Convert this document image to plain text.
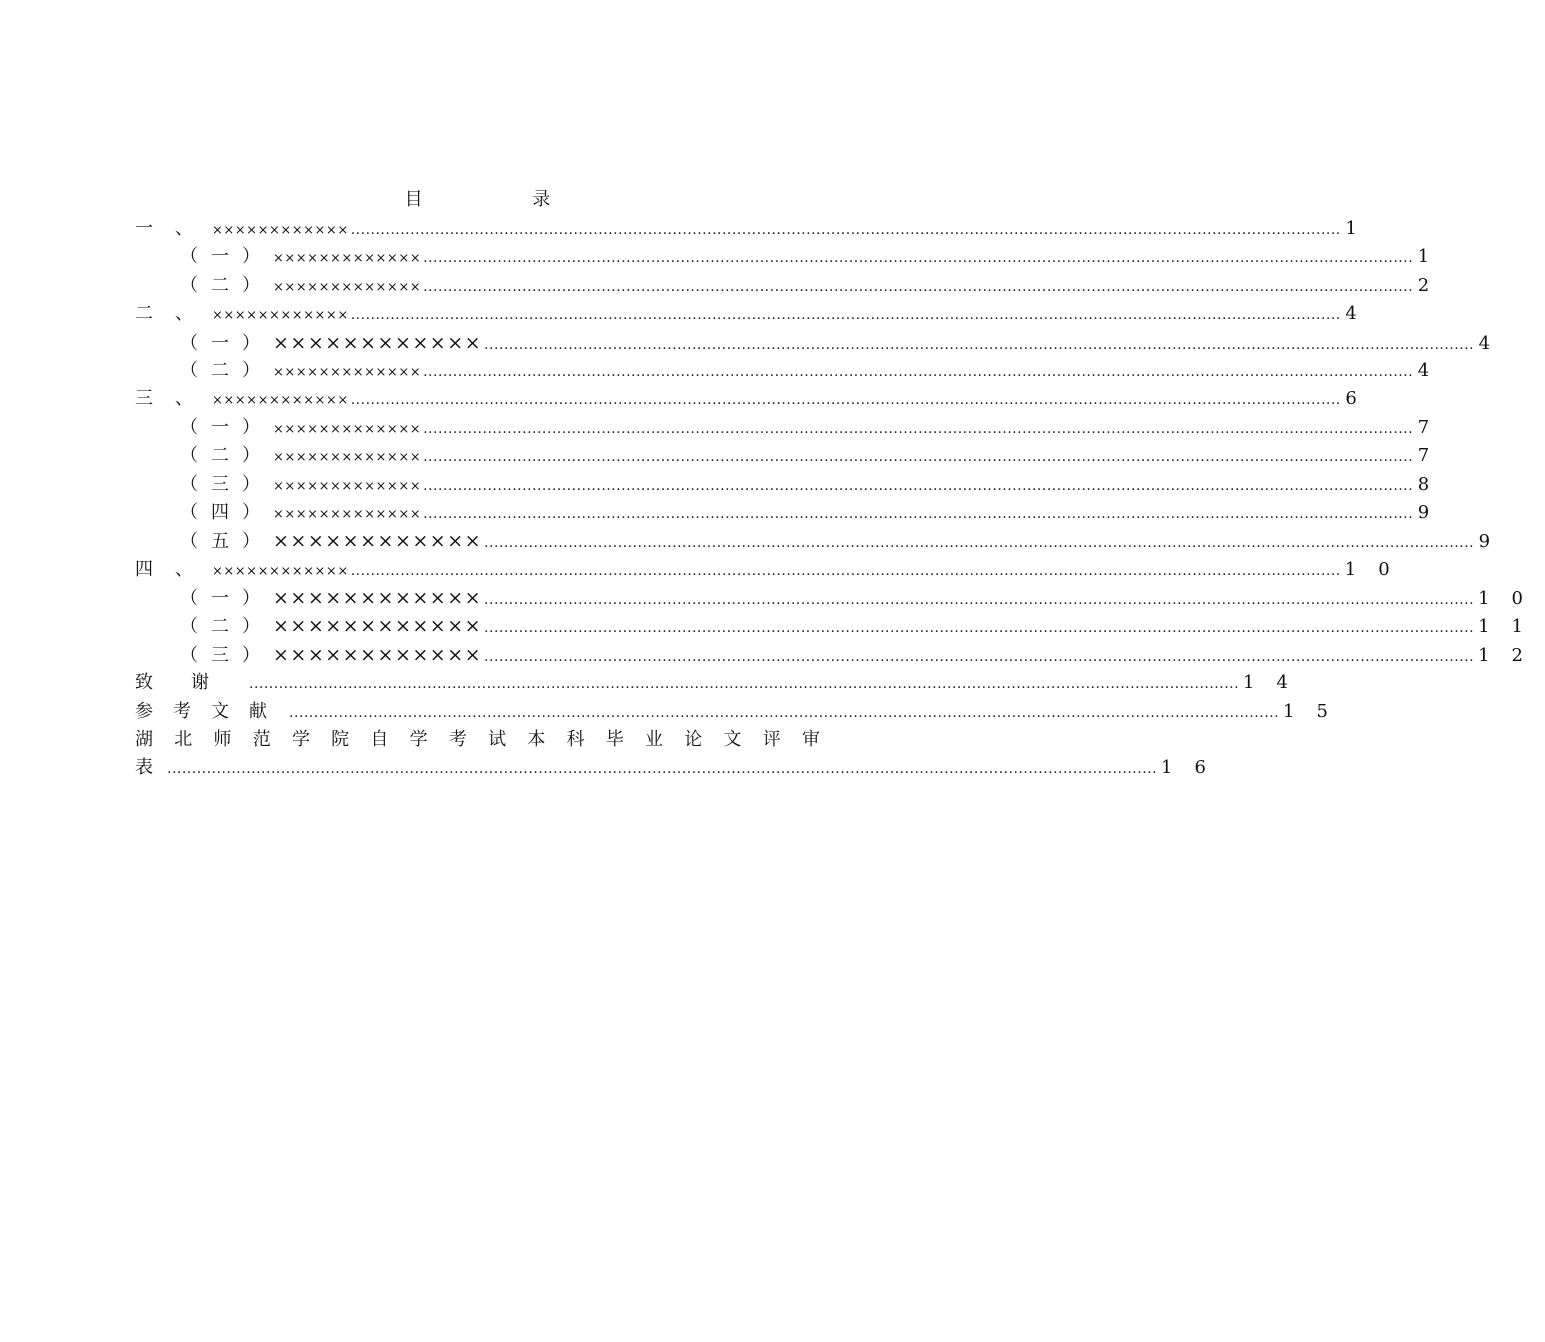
目 录
一、
×××××××××××× ........................................................................................................................................................................................................ 1
（一） ××××××××××××× ........................................................................................................................................................................................................ 1
（二） ××××××××××××× ........................................................................................................................................................................................................ 2
二、
×××××××××××× ........................................................................................................................................................................................................ 4
（一） ×××××××××××× ........................................................................................................................................................................................................ 4
（二） ××××××××××××× ........................................................................................................................................................................................................ 4
三、
×××××××××××× ........................................................................................................................................................................................................ 6
（一） ××××××××××××× ........................................................................................................................................................................................................ 7
（二） ××××××××××××× ........................................................................................................................................................................................................ 7
（三） ××××××××××××× ........................................................................................................................................................................................................ 8
（四） ××××××××××××× ........................................................................................................................................................................................................ 9
（五） ×××××××××××× ........................................................................................................................................................................................................ 9
四、
×××××××××××× ........................................................................................................................................................................................................ 10
（一） ×××××××××××× ........................................................................................................................................................................................................ 10
（二） ×××××××××××× ........................................................................................................................................................................................................ 11
（三） ×××××××××××× ........................................................................................................................................................................................................ 12
致谢 ........................................................................................................................................................................................................ 14
参考文献 ........................................................................................................................................................................................................ 15
湖 北 师 范 学 院 自 学 考 试 本 科 毕 业 论 文 评 审
表 ........................................................................................................................................................................................................ 16
